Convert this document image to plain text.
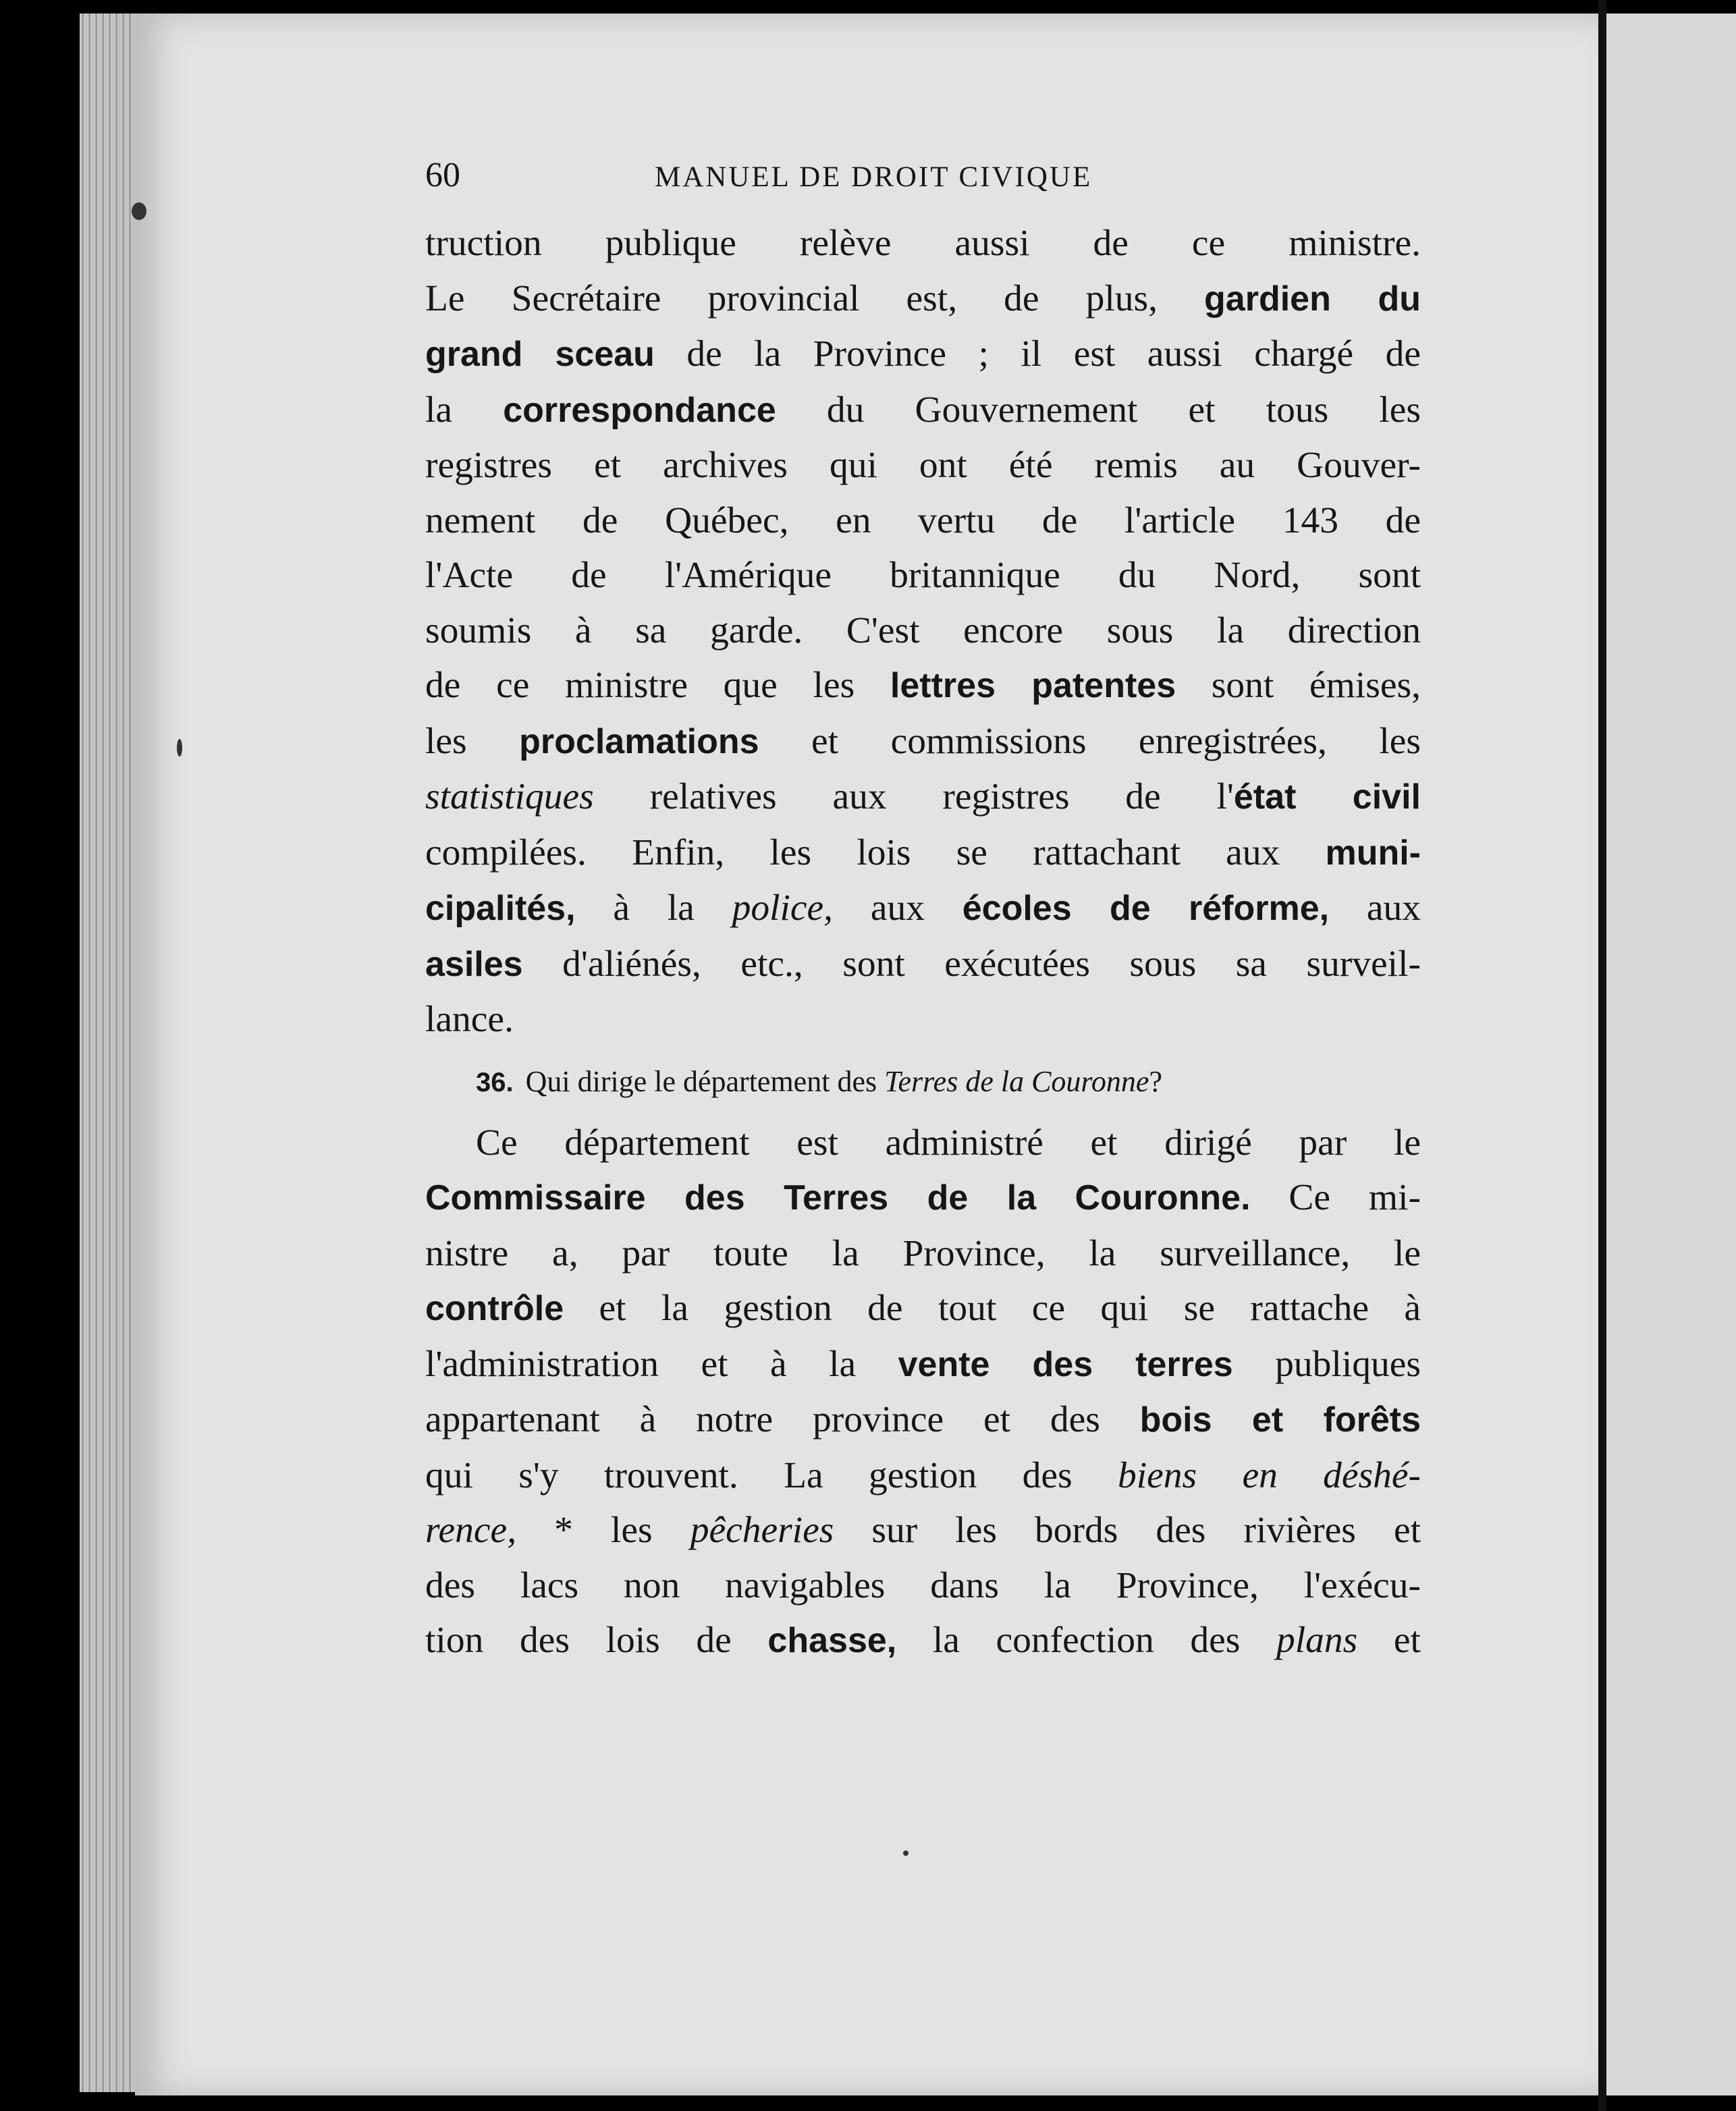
60	MANUEL DE DROIT CIVIQUE
truction publique relève aussi de ce ministre.
Le Secrétaire provincial est, de plus, gardien du
grand sceau de la Province ; il est aussi chargé de
la correspondance du Gouvernement et tous les
registres et archives qui ont été remis au Gouver-
nement de Québec, en vertu de l'article 143 de
l'Acte de l'Amérique britannique du Nord, sont
soumis à sa garde. C'est encore sous la direction
de ce ministre que les lettres patentes sont émises,
les proclamations et commissions enregistrées, les
statistiques relatives aux registres de l'état civil
compilées. Enfin, les lois se rattachant aux muni-
cipalités, à la police, aux écoles de réforme, aux
asiles d'aliénés, etc., sont exécutées sous sa surveil-
lance.
36. Qui dirige le département des Terres de la Couronne?
Ce département est administré et dirigé par le
Commissaire des Terres de la Couronne. Ce mi-
nistre a, par toute la Province, la surveillance, le
contrôle et la gestion de tout ce qui se rattache à
l'administration et à la vente des terres publiques
appartenant à notre province et des bois et forêts
qui s'y trouvent. La gestion des biens en déshé-
rence, * les pêcheries sur les bords des rivières et
des lacs non navigables dans la Province, l'exécu-
tion des lois de chasse, la confection des plans et
